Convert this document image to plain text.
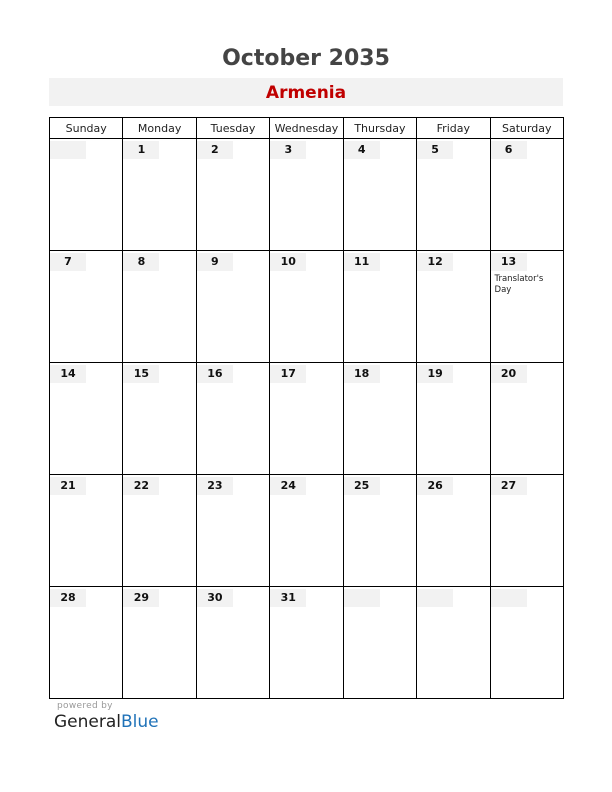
October 2035
Armenia
Sunday	Monday	Tuesday	Wednesday	Thursday	Friday	Saturday

	1	2	3	4	5	6

7	8	9	10	11	12	13
Translator's Day

14	15	16	17	18	19	20

21	22	23	24	25	26	27

28	29	30	31			

powered by
GeneralBlue
